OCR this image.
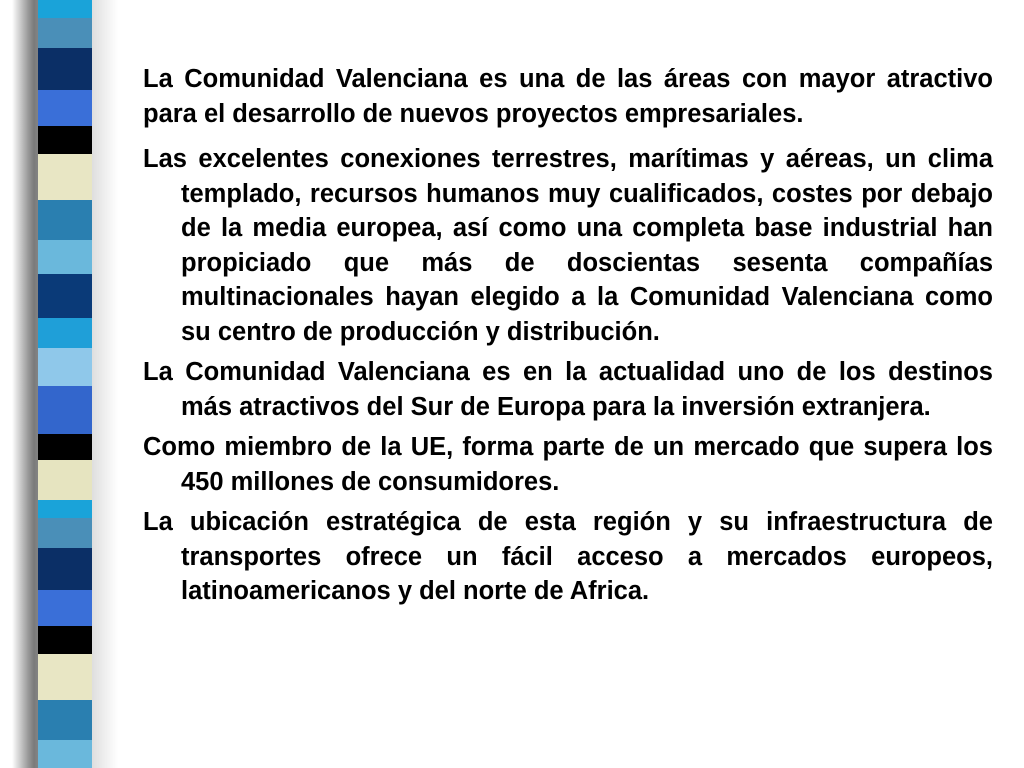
La Comunidad Valenciana es una de las áreas con mayor atractivo para el desarrollo de nuevos proyectos empresariales.

Las excelentes conexiones terrestres, marítimas y aéreas, un clima templado, recursos humanos muy cualificados, costes por debajo de la media europea, así como una completa base industrial han propiciado que más de doscientas sesenta compañías multinacionales hayan elegido a la Comunidad Valenciana como su centro de producción y distribución.

La Comunidad Valenciana es en la actualidad uno de los destinos más atractivos del Sur de Europa para la inversión extranjera.

Como miembro de la UE, forma parte de un mercado que supera los 450 millones de consumidores.

La ubicación estratégica de esta región y su infraestructura de transportes ofrece un fácil acceso a mercados europeos, latinoamericanos y del norte de Africa.
